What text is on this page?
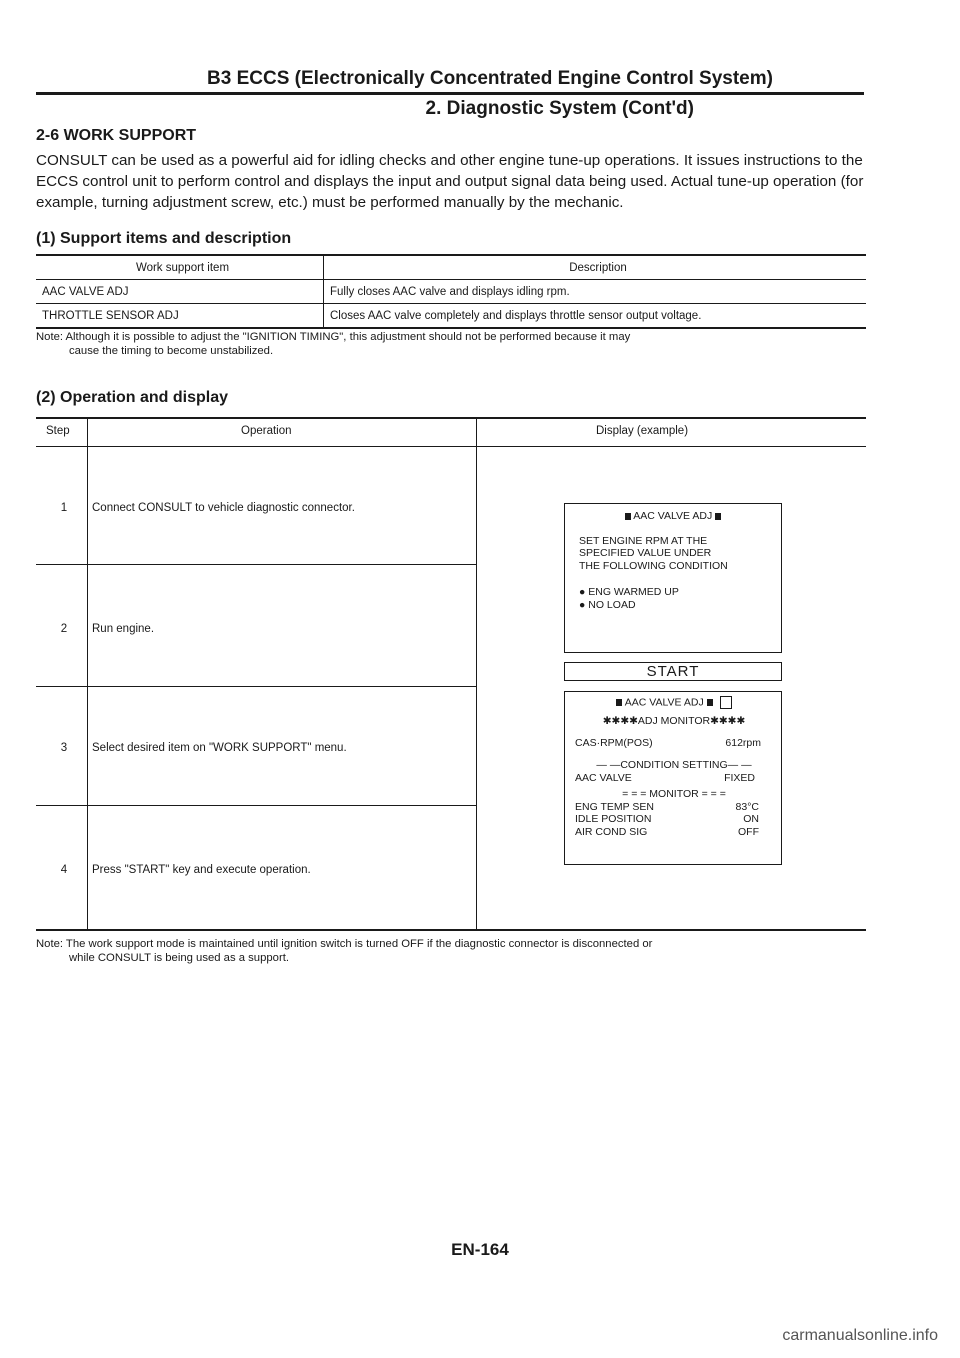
B3 ECCS (Electronically Concentrated Engine Control System)
2. Diagnostic System (Cont'd)
2-6 WORK SUPPORT
CONSULT can be used as a powerful aid for idling checks and other engine tune-up operations. It issues instructions to the ECCS control unit to perform control and displays the input and output signal data being used. Actual tune-up operation (for example, turning adjustment screw, etc.) must be performed manually by the mechanic.
(1) Support items and description
Work support item	Description
AAC VALVE ADJ	Fully closes AAC valve and displays idling rpm.
THROTTLE SENSOR ADJ	Closes AAC valve completely and displays throttle sensor output voltage.
Note: Although it is possible to adjust the "IGNITION TIMING", this adjustment should not be performed because it may
cause the timing to become unstabilized.
(2) Operation and display
Step	Operation	Display (example)
1	Connect CONSULT to vehicle diagnostic connector.
2	Run engine.
3	Select desired item on "WORK SUPPORT" menu.
4	Press "START" key and execute operation.
AAC VALVE ADJ
SET ENGINE RPM AT THE
SPECIFIED VALUE UNDER
THE FOLLOWING CONDITION
● ENG WARMED UP
● NO LOAD
START
AAC VALVE ADJ
✱✱✱✱ADJ MONITOR✱✱✱✱
CAS·RPM(POS)	612rpm
— —CONDITION SETTING— —
AAC VALVE	FIXED
= = = MONITOR = = =
ENG TEMP SEN	83°C
IDLE POSITION	ON
AIR COND SIG	OFF
Note: The work support mode is maintained until ignition switch is turned OFF if the diagnostic connector is disconnected or
while CONSULT is being used as a support.
EN-164
carmanualsonline.info
